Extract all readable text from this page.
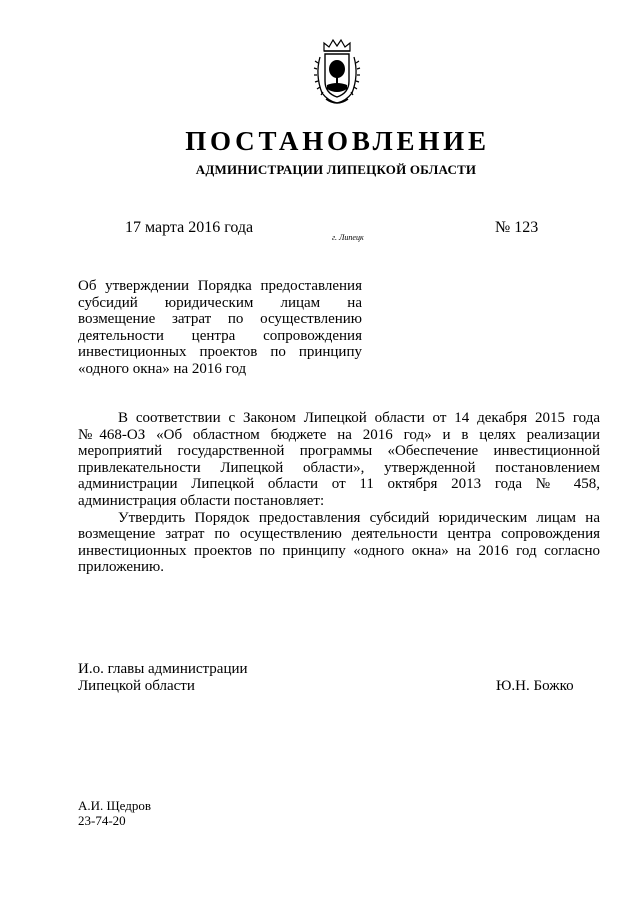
ПОСТАНОВЛЕНИЕ
АДМИНИСТРАЦИИ ЛИПЕЦКОЙ ОБЛАСТИ
17 марта 2016 года
г. Липецк
№ 123
Об утверждении Порядка предоставления
субсидий юридическим лицам на
возмещение затрат по осуществлению
деятельности центра сопровождения
инвестиционных проектов по принципу
«одного окна» на 2016 год
В соответствии с Законом Липецкой области от 14 декабря 2015 года
№468-ОЗ «Об областном бюджете на 2016 год» и в целях реализации
мероприятий государственной программы «Обеспечение инвестиционной
привлекательности Липецкой области», утвержденной постановлением
администрации Липецкой области от 11 октября 2013 года № 458,
администрация области постановляет:
Утвердить Порядок предоставления субсидий юридическим лицам на
возмещение затрат по осуществлению деятельности центра сопровождения
инвестиционных проектов по принципу «одного окна» на 2016 год согласно
приложению.
И.о. главы администрации
Липецкой области	Ю.Н. Божко
А.И. Щедров
23-74-20
